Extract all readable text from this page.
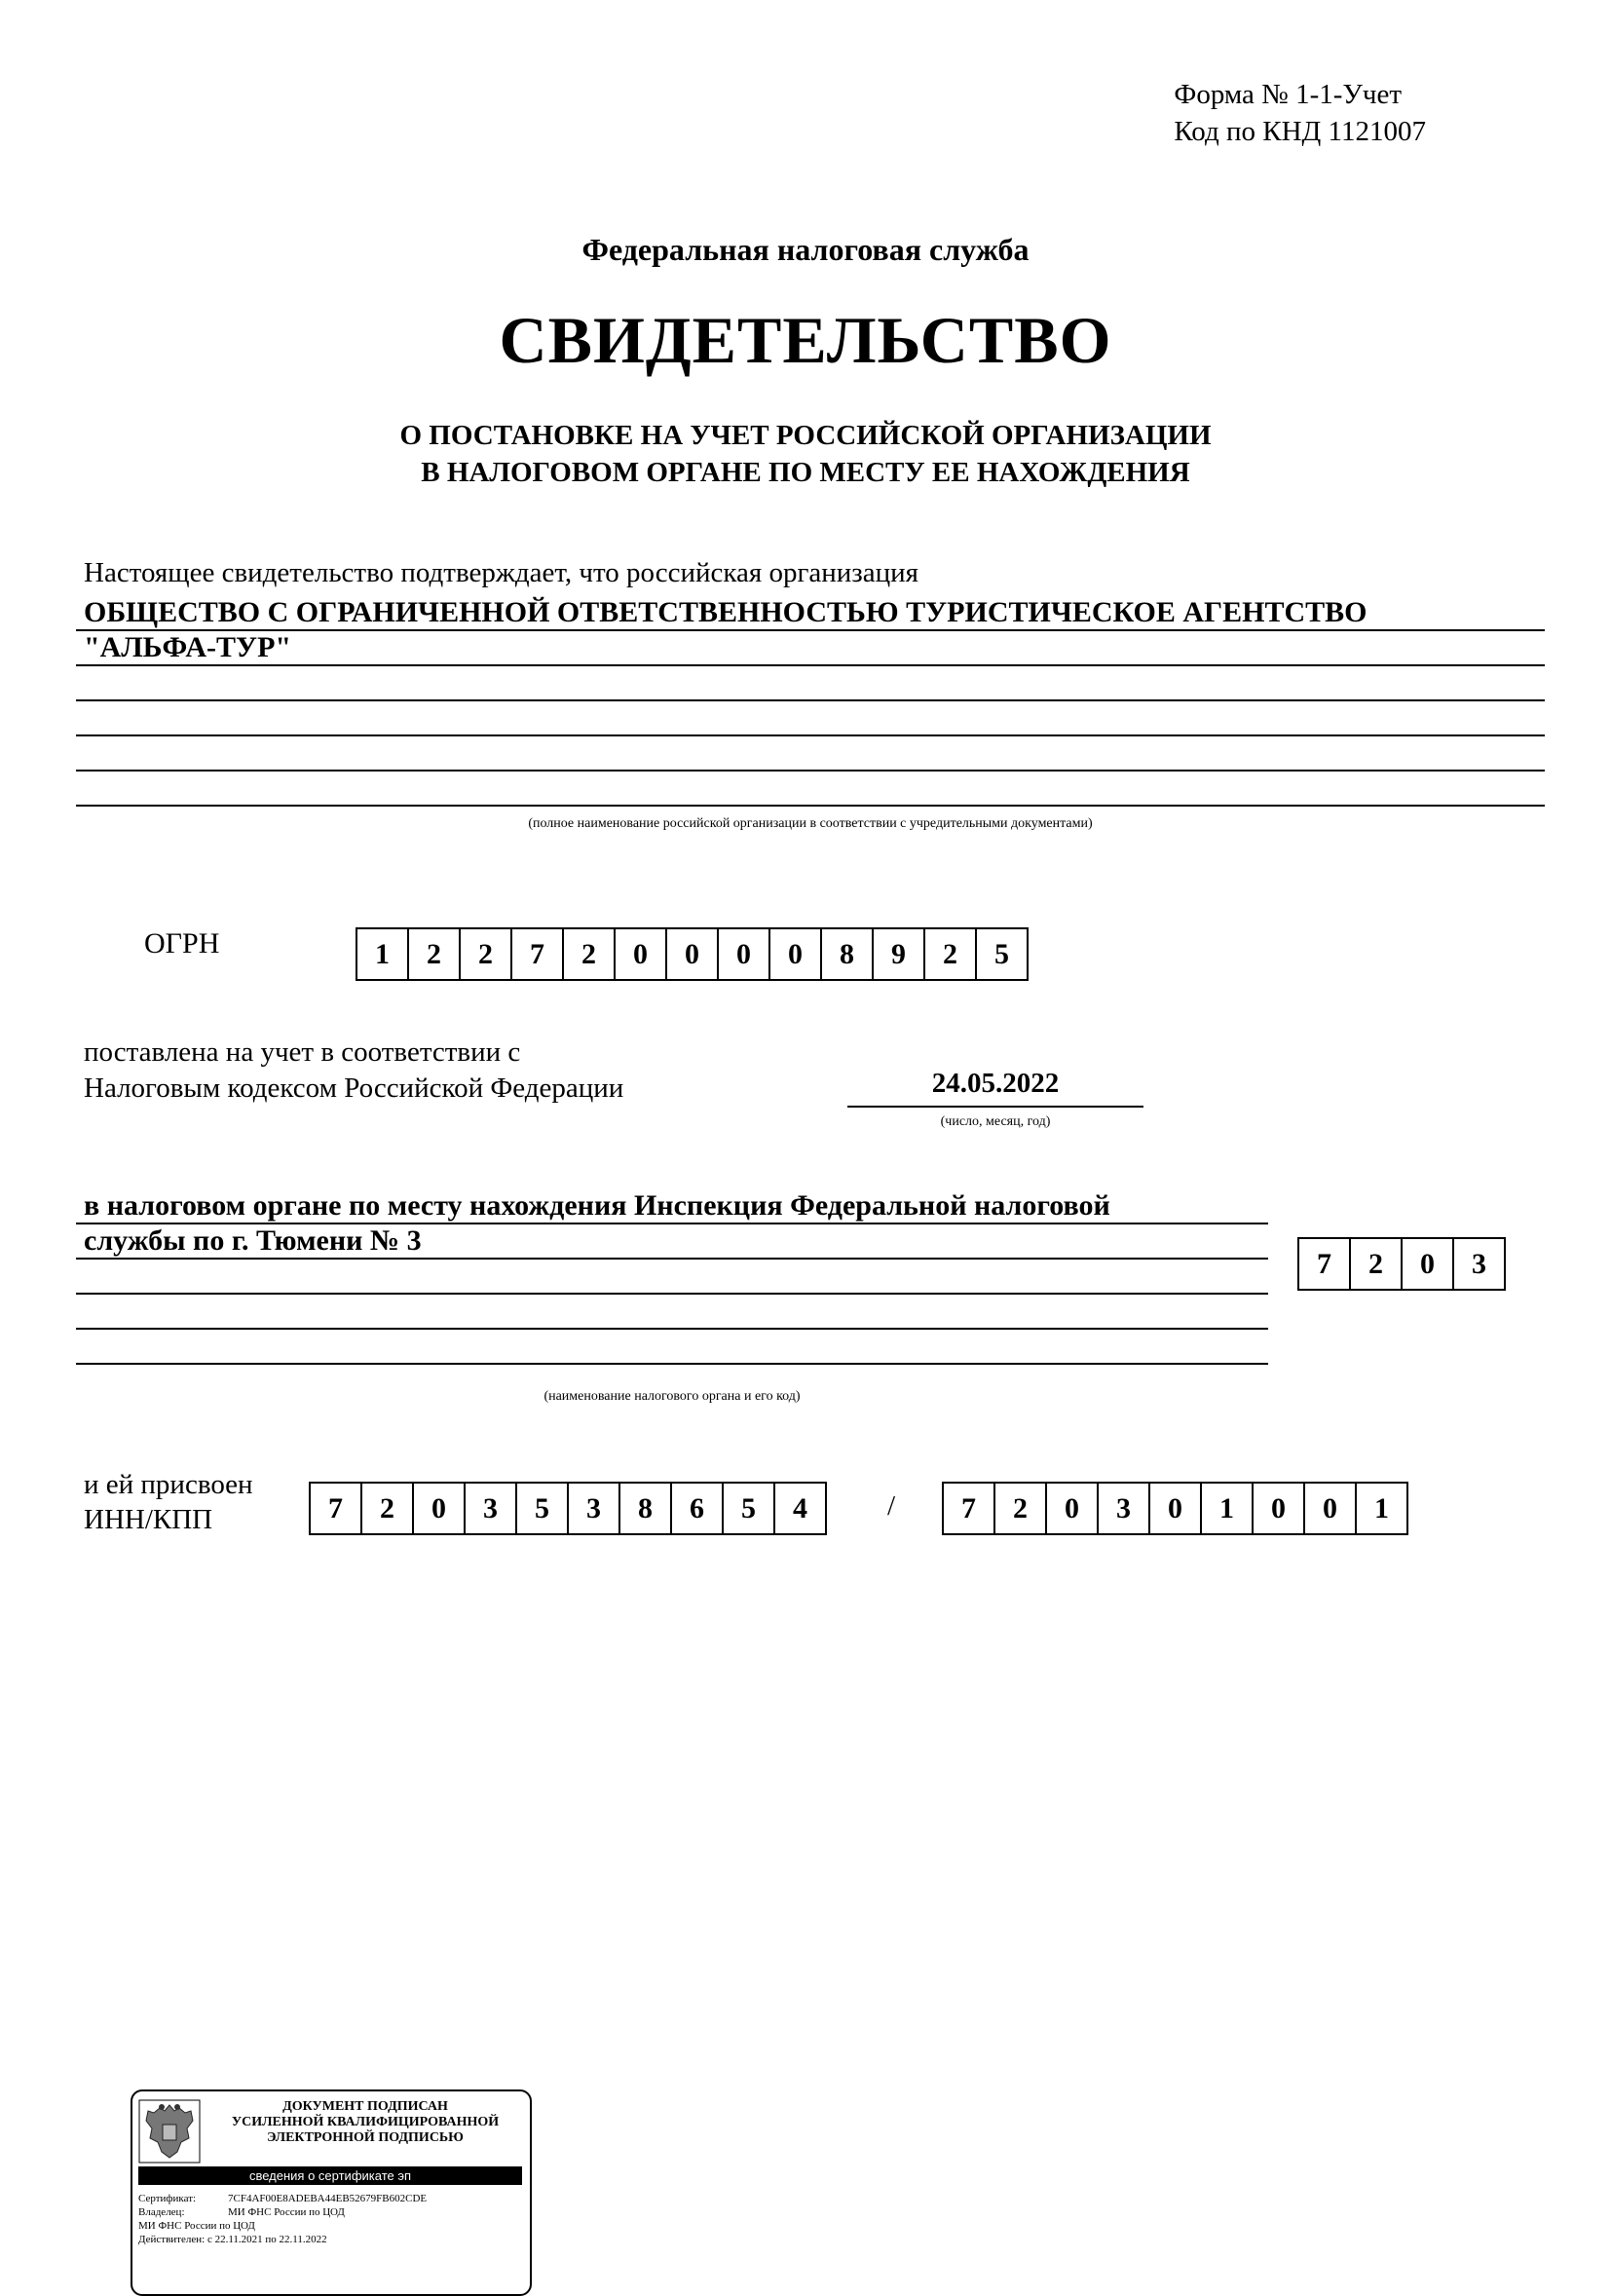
Форма № 1-1-Учет
Код по КНД 1121007
Федеральная налоговая служба
СВИДЕТЕЛЬСТВО
О ПОСТАНОВКЕ НА УЧЕТ РОССИЙСКОЙ ОРГАНИЗАЦИИ
В НАЛОГОВОМ ОРГАНЕ ПО МЕСТУ ЕЕ НАХОЖДЕНИЯ
Настоящее свидетельство подтверждает, что российская организация
ОБЩЕСТВО С ОГРАНИЧЕННОЙ ОТВЕТСТВЕННОСТЬЮ ТУРИСТИЧЕСКОЕ АГЕНТСТВО
"АЛЬФА-ТУР"
(полное наименование российской организации в соответствии с учредительными документами)
ОГРН	1	2	2	7	2	0	0	0	0	8	9	2	5
поставлена на учет в соответствии с
Налоговым кодексом Российской Федерации	24.05.2022
(число, месяц, год)
в налоговом органе по месту нахождения Инспекция Федеральной налоговой
службы по г. Тюмени № 3
7	2	0	3
(наименование налогового органа и его код)
и ей присвоен
ИНН/КПП	7	2	0	3	5	3	8	6	5	4	/	7	2	0	3	0	1	0	0	1
ДОКУМЕНТ ПОДПИСАН
УСИЛЕННОЙ КВАЛИФИЦИРОВАННОЙ
ЭЛЕКТРОННОЙ ПОДПИСЬЮ
сведения о сертификате эп
Сертификат:	7CF4AF00E8ADEBA44EB52679FB602CDE
Владелец:	МИ ФНС России по ЦОД
МИ ФНС России по ЦОД
Действителен: с 22.11.2021 по 22.11.2022
